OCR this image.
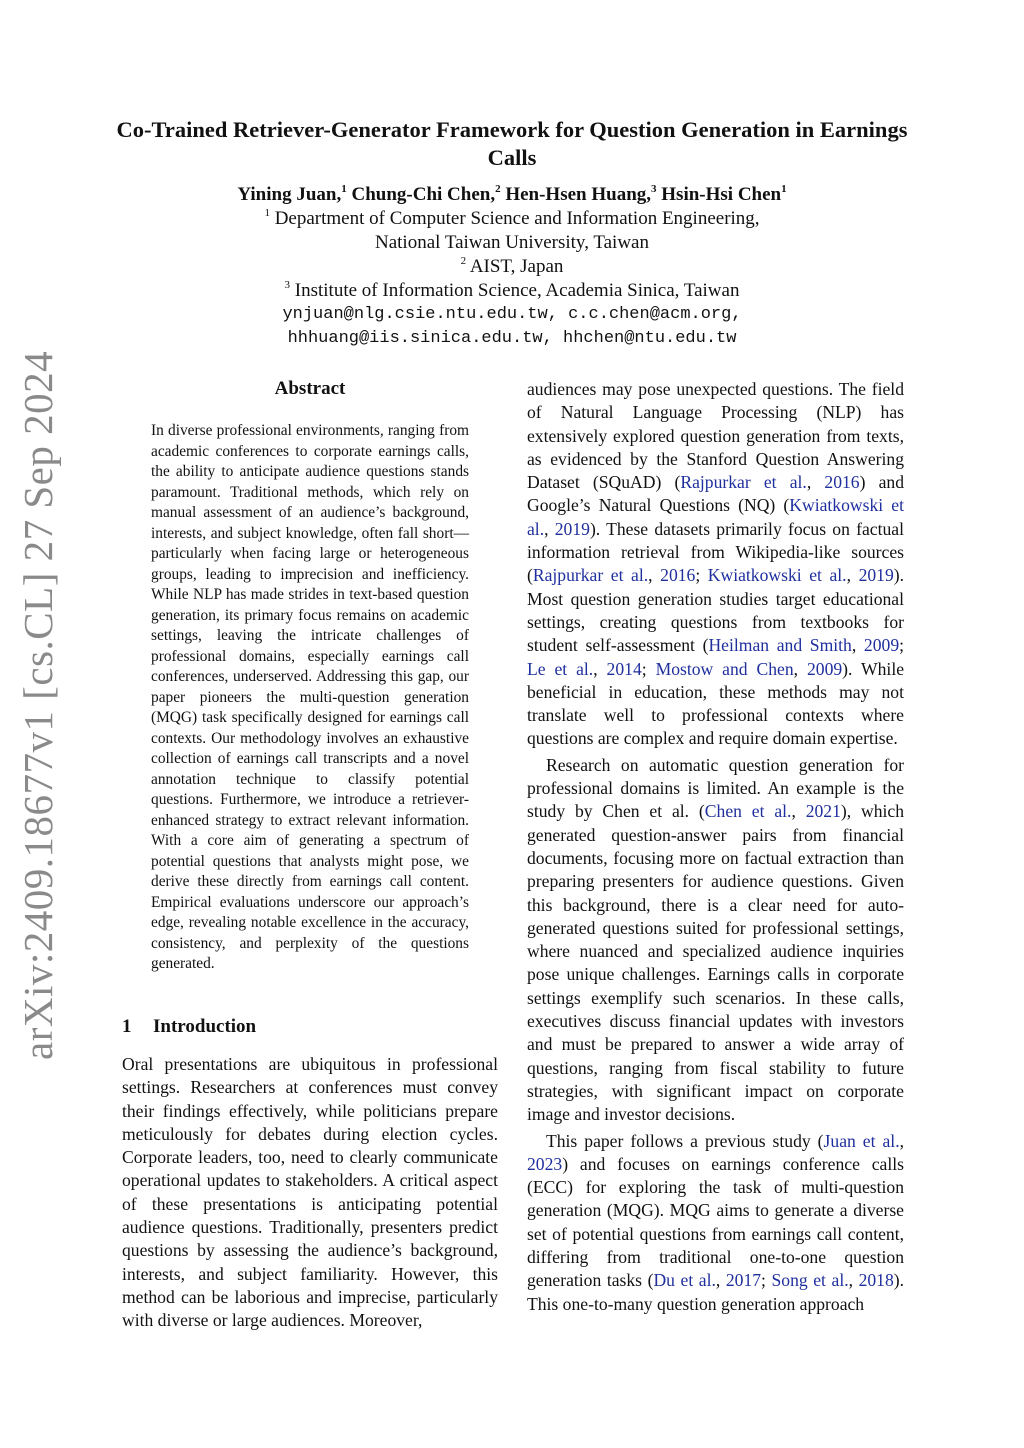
arXiv:2409.18677v1 [cs.CL] 27 Sep 2024
Co-Trained Retriever-Generator Framework for Question Generation in Earnings Calls
Yining Juan,$^1$ Chung-Chi Chen,$^2$ Hen-Hsen Huang,$^3$ Hsin-Hsi Chen$^1$
$^1$ Department of Computer Science and Information Engineering,
National Taiwan University, Taiwan
$^2$ AIST, Japan
$^3$ Institute of Information Science, Academia Sinica, Taiwan
ynjuan@nlg.csie.ntu.edu.tw, c.c.chen@acm.org,
hhhuang@iis.sinica.edu.tw, hhchen@ntu.edu.tw
Abstract
In diverse professional environments, ranging from academic conferences to corporate earnings calls, the ability to anticipate audience questions stands paramount. Traditional methods, which rely on manual assessment of an audience’s background, interests, and subject knowledge, often fall short—particularly when facing large or heterogeneous groups, leading to imprecision and inefficiency. While NLP has made strides in text-based question generation, its primary focus remains on academic settings, leaving the intricate challenges of professional domains, especially earnings call conferences, underserved. Addressing this gap, our paper pioneers the multi-question generation (MQG) task specifically designed for earnings call contexts. Our methodology involves an exhaustive collection of earnings call transcripts and a novel annotation technique to classify potential questions. Furthermore, we introduce a retriever-enhanced strategy to extract relevant information. With a core aim of generating a spectrum of potential questions that analysts might pose, we derive these directly from earnings call content. Empirical evaluations underscore our approach’s edge, revealing notable excellence in the accuracy, consistency, and perplexity of the questions generated.
1 Introduction
Oral presentations are ubiquitous in professional settings. Researchers at conferences must convey their findings effectively, while politicians prepare meticulously for debates during election cycles. Corporate leaders, too, need to clearly communicate operational updates to stakeholders. A critical aspect of these presentations is anticipating potential audience questions. Traditionally, presenters predict questions by assessing the audience’s background, interests, and subject familiarity. However, this method can be laborious and imprecise, particularly with diverse or large audiences. Moreover,

audiences may pose unexpected questions. The field of Natural Language Processing (NLP) has extensively explored question generation from texts, as evidenced by the Stanford Question Answering Dataset (SQuAD) (Rajpurkar et al., 2016) and Google’s Natural Questions (NQ) (Kwiatkowski et al., 2019). These datasets primarily focus on factual information retrieval from Wikipedia-like sources (Rajpurkar et al., 2016; Kwiatkowski et al., 2019). Most question generation studies target educational settings, creating questions from textbooks for student self-assessment (Heilman and Smith, 2009; Le et al., 2014; Mostow and Chen, 2009). While beneficial in education, these methods may not translate well to professional contexts where questions are complex and require domain expertise.

Research on automatic question generation for professional domains is limited. An example is the study by Chen et al. (Chen et al., 2021), which generated question-answer pairs from financial documents, focusing more on factual extraction than preparing presenters for audience questions. Given this background, there is a clear need for auto-generated questions suited for professional settings, where nuanced and specialized audience inquiries pose unique challenges. Earnings calls in corporate settings exemplify such scenarios. In these calls, executives discuss financial updates with investors and must be prepared to answer a wide array of questions, ranging from fiscal stability to future strategies, with significant impact on corporate image and investor decisions.

This paper follows a previous study (Juan et al., 2023) and focuses on earnings conference calls (ECC) for exploring the task of multi-question generation (MQG). MQG aims to generate a diverse set of potential questions from earnings call content, differing from traditional one-to-one question generation tasks (Du et al., 2017; Song et al., 2018). This one-to-many question generation approach
